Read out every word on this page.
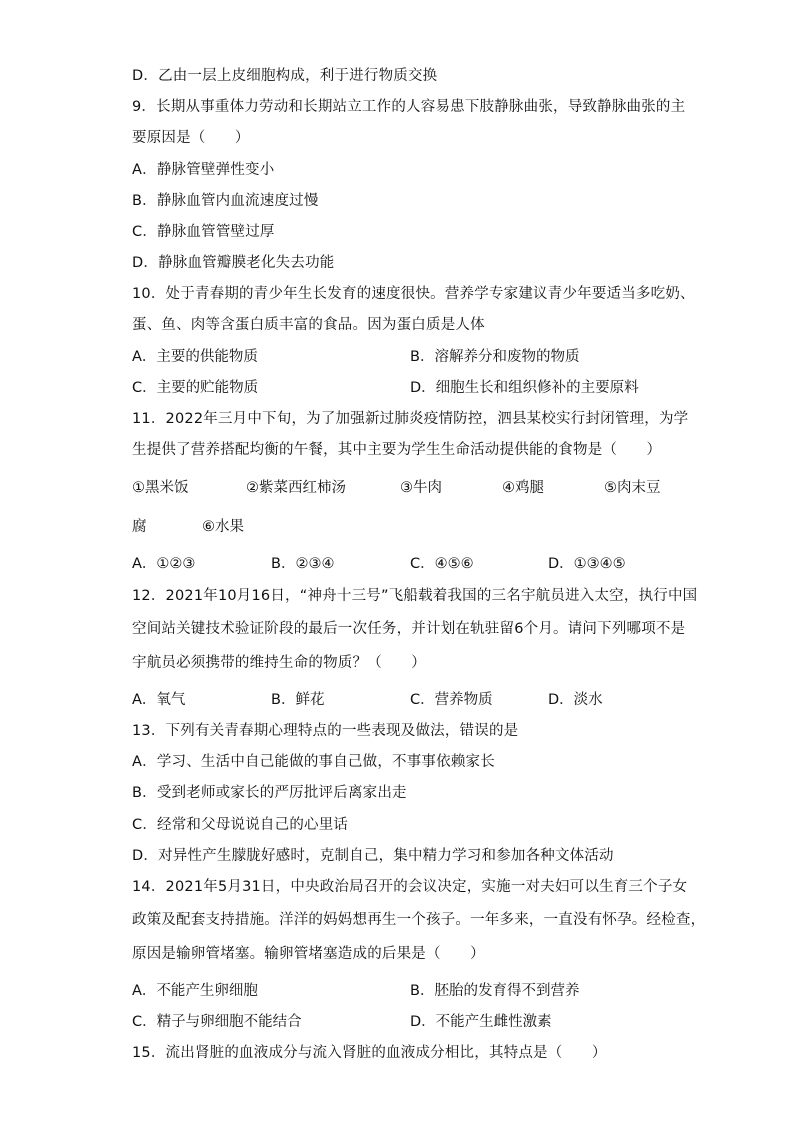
D．乙由一层上皮细胞构成，利于进行物质交换
9．长期从事重体力劳动和长期站立工作的人容易患下肢静脉曲张，导致静脉曲张的主
要原因是（　　）
A．静脉管壁弹性变小
B．静脉血管内血流速度过慢
C．静脉血管管壁过厚
D．静脉血管瓣膜老化失去功能
10．处于青春期的青少年生长发育的速度很快。营养学专家建议青少年要适当多吃奶、
蛋、鱼、肉等含蛋白质丰富的食品。因为蛋白质是人体
A．主要的供能物质	B．溶解养分和废物的物质
C．主要的贮能物质	D．细胞生长和组织修补的主要原料
11．2022年三月中下旬，为了加强新过肺炎疫情防控，泗县某校实行封闭管理，为学
生提供了营养搭配均衡的午餐，其中主要为学生生命活动提供能的食物是（　　）
①黑米饭	②紫菜西红柿汤	③牛肉	④鸡腿	⑤肉末豆
腐	⑥水果
A．①②③	B．②③④	C．④⑤⑥	D．①③④⑤
12．2021年10月16日，“神舟十三号”飞船载着我国的三名宇航员进入太空，执行中国
空间站关键技术验证阶段的最后一次任务，并计划在轨驻留6个月。请问下列哪项不是
宇航员必须携带的维持生命的物质？（　　）
A．氧气	B．鲜花	C．营养物质	D．淡水
13．下列有关青春期心理特点的一些表现及做法，错误的是
A．学习、生活中自己能做的事自己做，不事事依赖家长
B．受到老师或家长的严厉批评后离家出走
C．经常和父母说说自己的心里话
D．对异性产生朦胧好感时，克制自己，集中精力学习和参加各种文体活动
14．2021年5月31日，中央政治局召开的会议决定，实施一对夫妇可以生育三个子女
政策及配套支持措施。洋洋的妈妈想再生一个孩子。一年多来，一直没有怀孕。经检查，
原因是输卵管堵塞。输卵管堵塞造成的后果是（　　）
A．不能产生卵细胞	B．胚胎的发育得不到营养
C．精子与卵细胞不能结合	D．不能产生雌性激素
15．流出肾脏的血液成分与流入肾脏的血液成分相比，其特点是（　　）
